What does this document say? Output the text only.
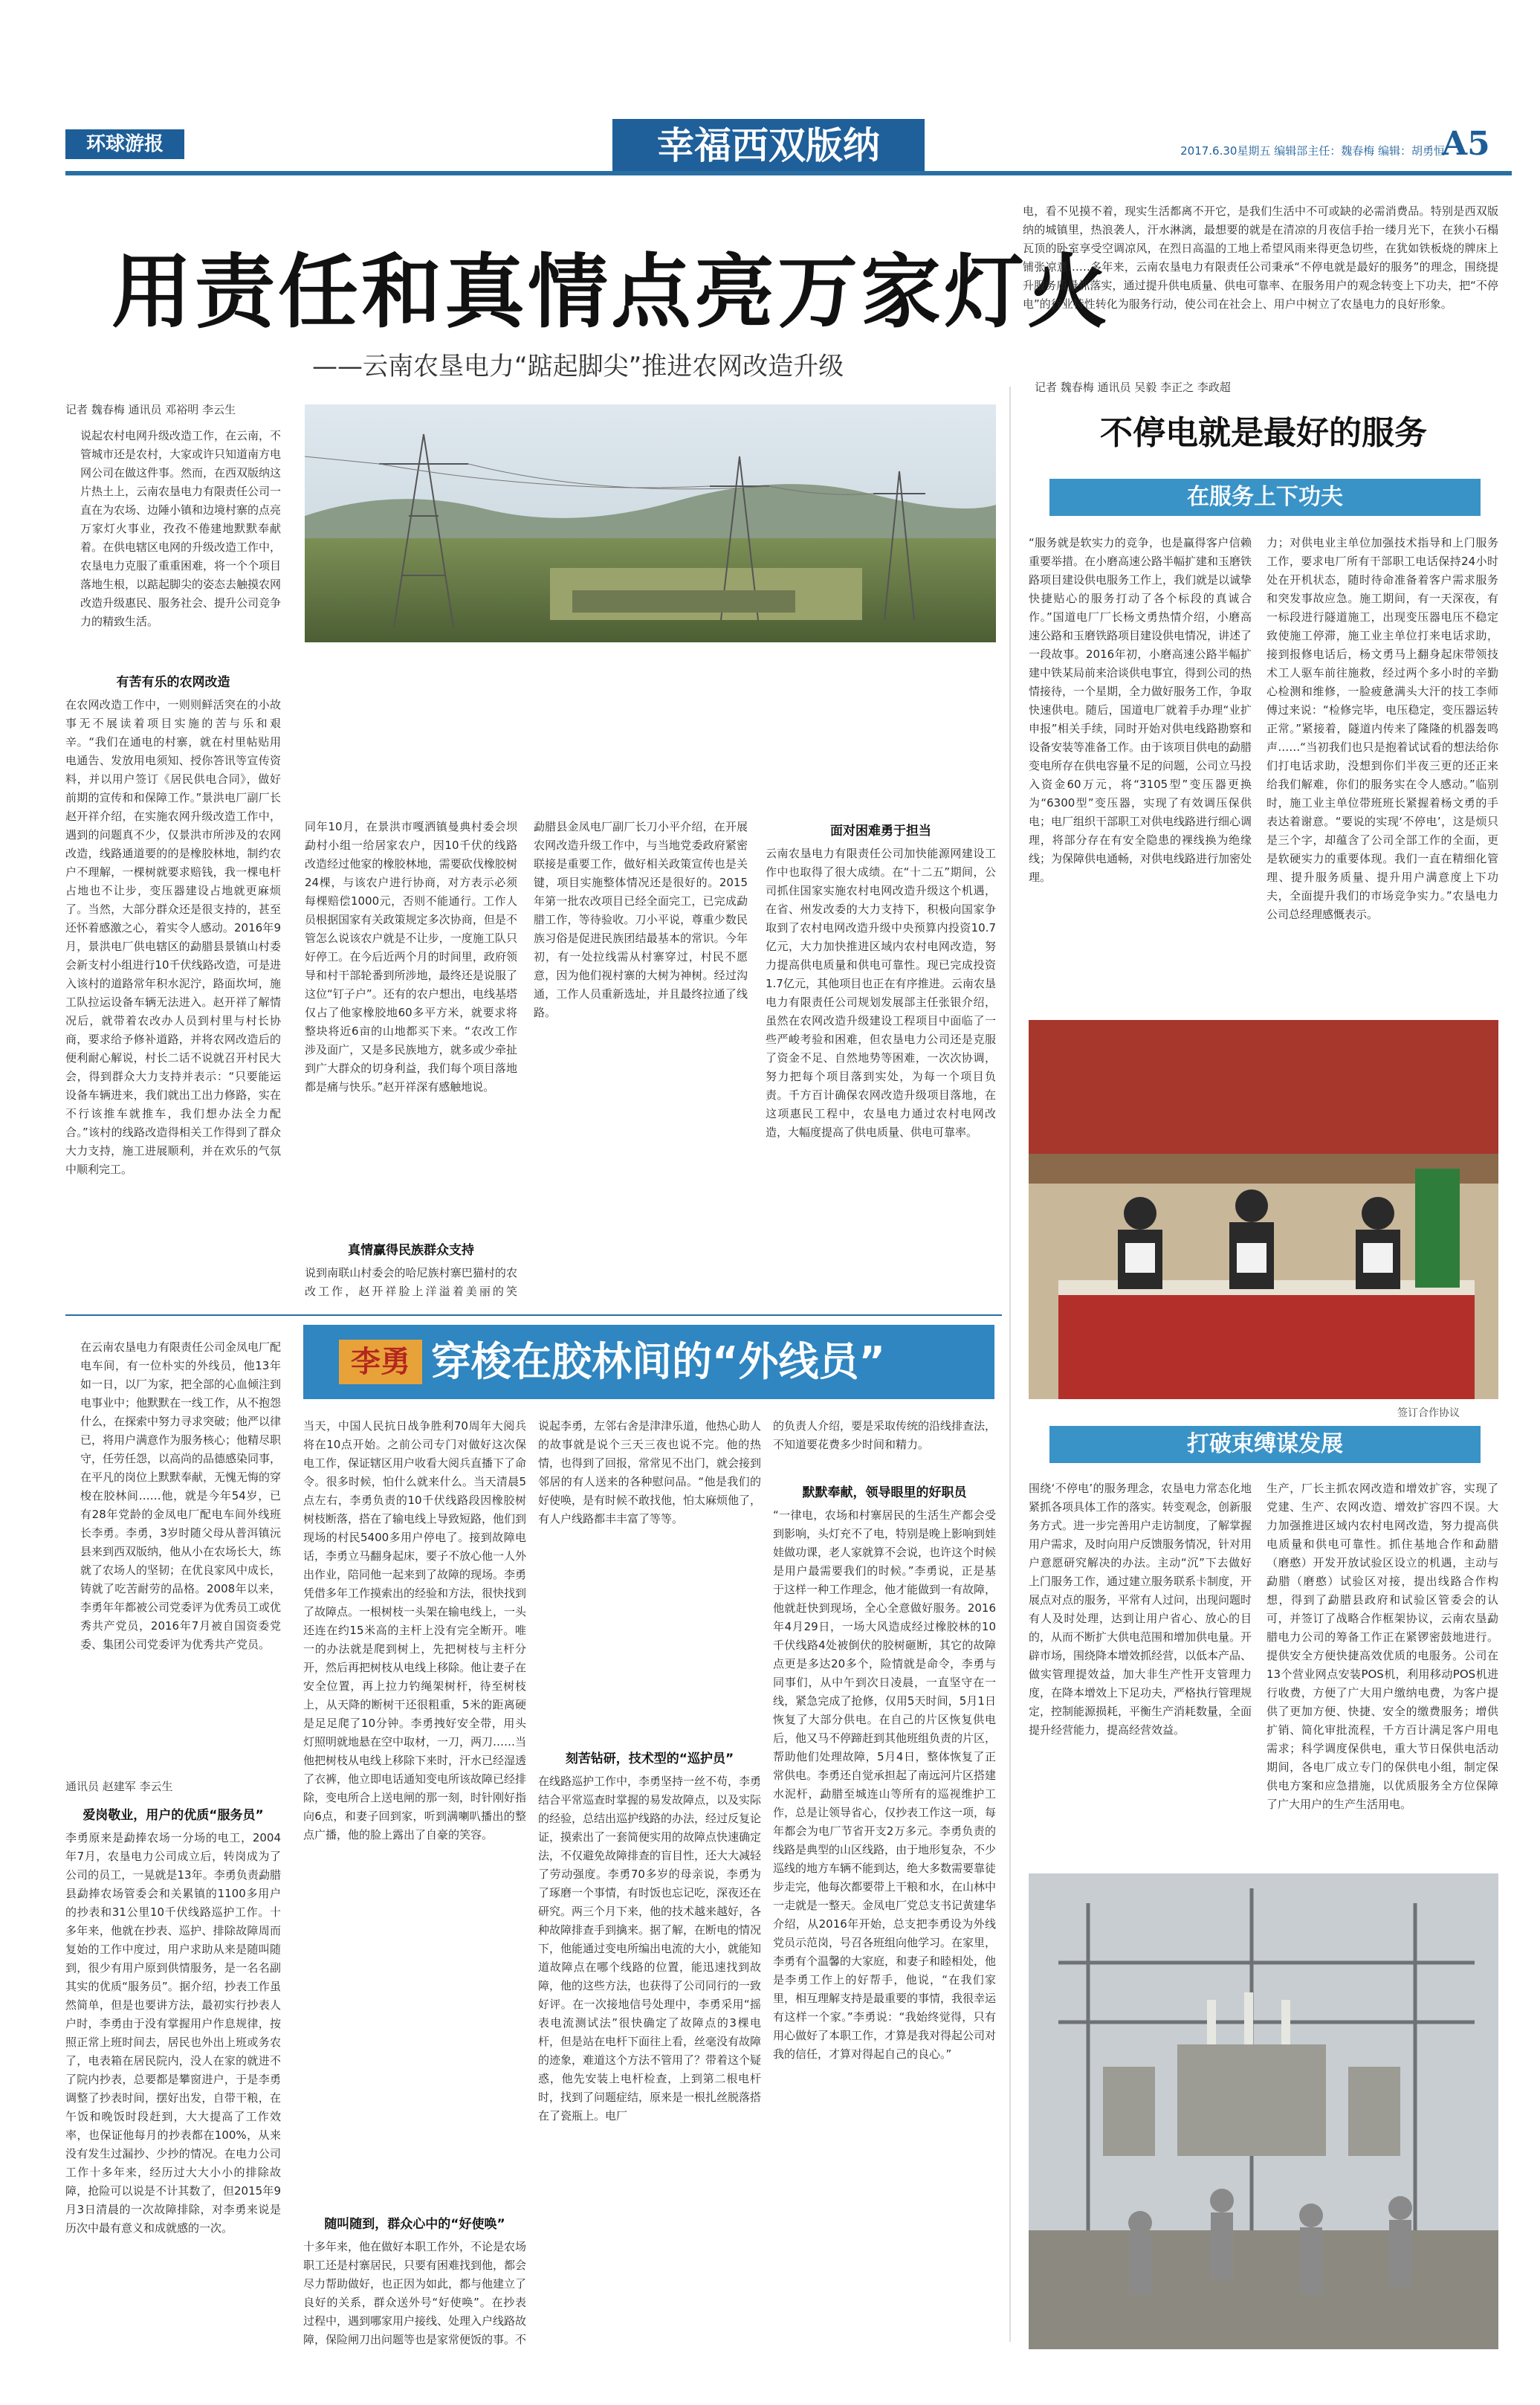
环球游报	幸福西双版纳	2017.6.30星期五 编辑部主任：魏春梅 编辑：胡勇恒
A5
用责任和真情点亮万家灯火
——云南农垦电力“踮起脚尖”推进农网改造升级
记者 魏春梅 通讯员 邓裕明 李云生
说起农村电网升级改造工作，在云南，不管城市还是农村，大家或许只知道南方电网公司在做这件事。然而，在西双版纳这片热土上，云南农垦电力有限责任公司一直在为农场、边陲小镇和边境村寨的点亮万家灯火事业，孜孜不倦建地默默奉献着。在供电辖区电网的升级改造工作中，农垦电力克服了重重困难，将一个个项目落地生根，以踮起脚尖的姿态去触摸农网改造升级惠民、服务社会、提升公司竞争力的精致生活。
有苦有乐的农网改造
在农网改造工作中，一则则鲜活突在的小故事无不展读着项目实施的苦与乐和艰辛。“我们在通电的村寨，就在村里帖贴用电通告、发放用电须知、授你答讯等宣传资料，并以用户签订《居民供电合同》，做好前期的宣传和和保障工作。”景洪电厂副厂长赵开祥介绍，在实施农网升级改造工作中，遇到的问题真不少，仅景洪市所涉及的农网改造，线路通道要的的是橡胶林地，制约农户不理解，一棵树就要求赔钱，我一棵电杆占地也不让步，变压器建设占地就更麻烦了。当然，大部分群众还是很支持的，甚至还怀着感激之心，着实令人感动。2016年9月，景洪电厂供电辖区的勐腊县景镇山村委会新支村小组进行10千伏线路改造，可是进入该村的道路常年积水泥泞，路面坎坷，施工队拉运设备车辆无法进入。赵开祥了解情况后，就带着农改办人员到村里与村长协商，要求给予修补道路，并将农网改造后的便利耐心解说，村长二话不说就召开村民大会，得到群众大力支持并表示：“只要能运设备车辆进来，我们就出工出力修路，实在不行该推车就推车，我们想办法全力配合。”该村的线路改造得相关工作得到了群众大力支持，施工进展顺利，并在欢乐的气氛中顺利完工。
同年10月，在景洪市嘎洒镇曼典村委会坝勐村小组一给居家农户，因10千伏的线路改造经过他家的橡胶林地，需要砍伐橡胶树24棵，与该农户进行协商，对方表示必须每棵赔偿1000元，否则不能通行。工作人员根据国家有关政策规定多次协商，但是不管怎么说该农户就是不让步，一度施工队只好停工。在今后近两个月的时间里，政府领导和村干部轮番到所涉地，最终还是说服了这位“钉子户”。还有的农户想出，电线基塔仅占了他家橡胶地60多平方米，就要求将整块将近6亩的山地都买下来。“农改工作涉及面广，又是多民族地方，就多或少牵扯到广大群众的切身利益，我们每个项目落地都是痛与快乐。”赵开祥深有感触地说。
真情赢得民族群众支持
说到南联山村委会的哈尼族村寨巴猫村的农改工作，赵开祥脸上洋溢着美丽的笑
勐腊县金凤电厂副厂长刀小平介绍，在开展农网改造升级工作中，与当地党委政府紧密联接是重要工作，做好相关政策宣传也是关键，项目实施整体情况还是很好的。2015年第一批农改项目已经全面完工，已完成勐腊工作，等待验收。刀小平说，尊重少数民族习俗是促进民族团结最基本的常识。今年初，有一处拉线需从村寨穿过，村民不愿意，因为他们视村寨的大树为神树。经过沟通，工作人员重新选址，并且最终拉通了线路。
面对困难勇于担当
云南农垦电力有限责任公司加快能源网建设工作中也取得了很大成绩。在“十二五”期间，公司抓住国家实施农村电网改造升级这个机遇，在省、州发改委的大力支持下，积极向国家争取到了农村电网改造升级中央预算内投资10.7亿元，大力加快推进区域内农村电网改造，努力提高供电质量和供电可靠性。现已完成投资1.7亿元，其他项目也正在有序推进。云南农垦电力有限责任公司规划发展部主任张银介绍，虽然在农网改造升级建设工程项目中面临了一些严峻考验和困难，但农垦电力公司还是克服了资金不足、自然地势等困难，一次次协调，努力把每个项目落到实处，为每一个项目负责。千方百计确保农网改造升级项目落地，在这项惠民工程中，农垦电力通过农村电网改造，大幅度提高了供电质量、供电可靠率。
电，看不见摸不着，现实生活都离不开它，是我们生活中不可或缺的必需消费品。特别是西双版纳的城镇里，热浪袭人，汗水淋漓，最想要的就是在清凉的月夜信手抬一缕月光下，在狭小石榻瓦顶的卧室享受空调凉风，在烈日高温的工地上希望风雨来得更急切些，在犹如铁板烧的牌床上铺张凉意……多年来，云南农垦电力有限责任公司秉承“不停电就是最好的服务”的理念，围绕提升服务质量抓落实，通过提升供电质量、供电可靠率、在服务用户的观念转变上下功夫，把“不停电”的行业特性转化为服务行动，使公司在社会上、用户中树立了农垦电力的良好形象。
记者 魏春梅 通讯员 吴毅 李正之 李政超
不停电就是最好的服务
在服务上下功夫
“服务就是软实力的竞争，也是赢得客户信赖重要举措。在小磨高速公路半幅扩建和玉磨铁路项目建设供电服务工作上，我们就是以诚挚快捷贴心的服务打动了各个标段的真诚合作。”国道电厂厂长杨文勇热情介绍，小磨高速公路和玉磨铁路项目建设供电情况，讲述了一段故事。2016年初，小磨高速公路半幅扩建中铁某局前来洽谈供电事宜，得到公司的热情接待，一个星期，全力做好服务工作，争取快速供电。随后，国道电厂就着手办理“业扩申报”相关手续，同时开始对供电线路勘察和设备安装等准备工作。由于该项目供电的勐腊变电所存在供电容量不足的问题，公司立马投入资金60万元，将“3105型”变压器更换为“6300型”变压器，实现了有效调压保供电；电厂组织干部职工对供电线路进行细心调理，将部分存在有安全隐患的裸线换为绝缘线；为保障供电通畅，对供电线路进行加密处理。
力；对供电业主单位加强技术指导和上门服务工作，要求电厂所有干部职工电话保持24小时处在开机状态，随时待命准备着客户需求服务和突发事故应急。施工期间，有一天深夜，有一标段进行隧道施工，出现变压器电压不稳定致使施工停滞，施工业主单位打来电话求助，接到报修电话后，杨文勇马上翻身起床带领技术工人驱车前往施救，经过两个多小时的辛勤心检测和维修，一脸疲惫满头大汗的技工李师傅过来说：“检修完毕，电压稳定，变压器运转正常。”紧接着，隧道内传来了隆隆的机器轰鸣声……“当初我们也只是抱着试试看的想法给你们打电话求助，没想到你们半夜三更的还正来给我们解难，你们的服务实在令人感动。”临别时，施工业主单位带班班长紧握着杨文勇的手表达着谢意。“要说的实现‘不停电’，这是烦只是三个字，却蕴含了公司全部工作的全面，更是软硬实力的重要体现。我们一直在精细化管理、提升服务质量、提升用户满意度上下功夫，全面提升我们的市场竞争实力。”农垦电力公司总经理感慨表示。
签订合作协议
打破束缚谋发展
围绕‘不停电’的服务理念，农垦电力常态化地紧抓各项具体工作的落实。转变观念，创新服务方式。进一步完善用户走访制度，了解掌握用户需求，及时向用户反馈服务情况，针对用户意愿研究解决的办法。主动“沉”下去做好上门服务工作，通过建立服务联系卡制度，开展点对点的服务，平常有人过问，出现问题时有人及时处理，达到让用户省心、放心的目的，从而不断扩大供电范围和增加供电量。开辟市场，围绕降本增效抓经营，以低本产品、做实管理提效益，加大非生产性开支管理力度，在降本增效上下足功夫，严格执行管理规定，控制能源损耗，平衡生产消耗数量，全面提升经营能力，提高经营效益。
生产，厂长主抓农网改造和增效扩容，实现了党建、生产、农网改造、增效扩容四不误。大力加强推进区域内农村电网改造，努力提高供电质量和供电可靠性。抓住基地合作和勐腊（磨憨）开发开放试验区设立的机遇，主动与勐腊（磨憨）试验区对接，提出线路合作构想，得到了勐腊县政府和试验区管委会的认可，并签订了战略合作框架协议，云南农垦勐腊电力公司的筹备工作正在紧锣密鼓地进行。提供安全方便快捷高效优质的电服务。公司在13个营业网点安装POS机，利用移动POS机进行收费，方便了广大用户缴纳电费，为客户提供了更加方便、快捷、安全的缴费服务；增供扩销、简化审批流程，千方百计满足客户用电需求；科学调度保供电，重大节日保供电活动期间，各电厂成立专门的保供电小组，制定保供电方案和应急措施，以优质服务全方位保障了广大用户的生产生活用电。
在云南农垦电力有限责任公司金凤电厂配电车间，有一位朴实的外线员，他13年如一日，以厂为家，把全部的心血倾注到电事业中；他默默在一线工作，从不抱怨什么，在探索中努力寻求突破；他严以律已，将用户满意作为服务核心；他精尽职守，任劳任怨，以高尚的品德感染同事，在平凡的岗位上默默奉献，无愧无悔的穿梭在胶林间……他，就是今年54岁，已有28年党龄的金凤电厂配电车间外线班长李勇。李勇，3岁时随父母从普洱镇沅县来到西双版纳，他从小在农场长大，练就了农场人的坚韧；在优良家风中成长，铸就了吃苦耐劳的品格。2008年以来，李勇年年都被公司党委评为优秀员工或优秀共产党员，2016年7月被自国资委党委、集团公司党委评为优秀共产党员。
李勇 穿梭在胶林间的“外线员”
通讯员 赵建军 李云生
爱岗敬业，用户的优质“服务员”
李勇原来是勐捧农场一分场的电工，2004年7月，农垦电力公司成立后，转岗成为了公司的员工，一晃就是13年。李勇负责勐腊县勐捧农场管委会和关累镇的1100多用户的抄表和31公里10千伏线路巡护工作。十多年来，他就在抄表、巡护、排除故障周而复始的工作中度过，用户求助从来是随叫随到，很少有用户原到供情服务，是一名名副其实的优质“服务员”。据介绍，抄表工作虽然简单，但是也要讲方法，最初实行抄表人户时，李勇由于没有掌握用户作息规律，按照正常上班时间去，居民也外出上班或务农了，电表箱在居民院内，没人在家的就进不了院内抄表，总要都是攀窗进户，于是李勇调整了抄表时间，摆好出发，自带干粮，在午饭和晚饭时段赶到，大大提高了工作效率，也保证他每月的抄表都在100%，从来没有发生过漏抄、少抄的情况。在电力公司工作十多年来，经历过大大小小的排除故障，抢险可以说是不计其数了，但2015年9月3日清晨的一次故障排除，对李勇来说是历次中最有意义和成就感的一次。
当天，中国人民抗日战争胜利70周年大阅兵将在10点开始。之前公司专门对做好这次保电工作，保证辖区用户收看大阅兵直播下了命令。很多时候，怕什么就来什么。当天清晨5点左右，李勇负责的10千伏线路段因橡胶树树枝断落，搭在了输电线上导致短路，他们到现场的村民5400多用户停电了。接到故障电话，李勇立马翻身起床，要子不放心他一人外出作业，陪同他一起来到了故障的现场。李勇凭借多年工作摸索出的经验和方法，很快找到了故障点。一根树枝一头架在输电线上，一头还连在约15米高的主杆上没有完全断开。唯一的办法就是爬到树上，先把树枝与主杆分开，然后再把树枝从电线上移除。他让妻子在安全位置，再上拉力钓绳架树杆，待至树枝上，从天降的断树干还很粗重，5米的距离硬是足足爬了10分钟。李勇拽好安全带，用头灯照明就地悬在空中取材，一刀，两刀……当他把树枝从电线上移除下来时，汗水已经湿透了衣裤，他立即电话通知变电所该故障已经排除，变电所合上送电闸的那一刻，时针刚好指向6点，和妻子回到家，听到满喇叭播出的整点广播，他的脸上露出了自豪的笑容。
随叫随到，群众心中的“好使唤”
十多年来，他在做好本职工作外，不论是农场职工还是村寨居民，只要有困难找到他，都会尽力帮助做好，也正因为如此，都与他建立了良好的关系，群众送外号“好使唤”。在抄表过程中，遇到哪家用户接线、处理入户线路故障，保险闸刀出问题等也是家常便饭的事。不
说起李勇，左邻右舍是津津乐道，他热心助人的故事就是说个三天三夜也说不完。他的热情，也得到了回报，常常见不出门，就会接到邻居的有人送来的各种慰问品。“他是我们的好使唤，是有时候不敢找他，怕太麻烦他了，有人户线路都丰丰富了等等。
刻苦钻研，技术型的“巡护员”
在线路巡护工作中，李勇坚持一丝不苟，李勇结合平常巡查时掌握的易发故障点，以及实际的经验，总结出巡护线路的办法，经过反复论证，摸索出了一套简便实用的故障点快速确定法，不仅避免故障排查的盲目性，还大大减轻了劳动强度。李勇70多岁的母亲说，李勇为了琢磨一个事情，有时饭也忘记吃，深夜还在研究。两三个月下来，他的技术越来越好，各种故障排查手到擒来。据了解，在断电的情况下，他能通过变电所编出电流的大小，就能知道故障点在哪个线路的位置，能迅速找到故障，他的这些方法，也获得了公司同行的一致好评。在一次接地信号处理中，李勇采用“摇表电流测试法”很快确定了故障点的3棵电杆，但是站在电杆下面往上看，丝毫没有故障的迹象，难道这个方法不管用了？带着这个疑惑，他先安装上电杆检查，上到第二根电杆时，找到了问题症结，原来是一根扎丝脱落搭在了瓷瓶上。电厂
的负责人介绍，要是采取传统的沿线排查法，不知道要花费多少时间和精力。
默默奉献，领导眼里的好职员
“一律电，农场和村寨居民的生活生产都会受到影响，头灯充不了电，特别是晚上影响到娃娃做功课，老人家就算不会说，也许这个时候是用户最需要我们的时候。”李勇说，正是基于这样一种工作理念，他才能做到一有故障，他就赶快到现场，全心全意做好服务。2016年4月29日，一场大风造成经过橡胶林的10千伏线路4处被倒伏的胶树砸断，其它的故障点更是多达20多个，险情就是命令，李勇与同事们，从中午到次日凌晨，一直坚守在一线，紧急完成了抢修，仅用5天时间，5月1日恢复了大部分供电。在自己的片区恢复供电后，他又马不停蹄赶到其他班组负责的片区，帮助他们处理故障，5月4日，整体恢复了正常供电。李勇还自觉承担起了南远河片区搭建水泥杆，勐腊至城连山等所有的巡视维护工作，总是让领导省心，仅抄表工作这一项，每年都会为电厂节省开支2万多元。李勇负责的线路是典型的山区线路，由于地形复杂，不少巡线的地方车辆不能到达，绝大多数需要靠徒步走完，他每次都要带上干粮和水，在山林中一走就是一整天。金凤电厂党总支书记黄建华介绍，从2016年开始，总支把李勇设为外线党员示范岗，号召各班组向他学习。在家里，李勇有个温馨的大家庭，和妻子和睦相处，他是李勇工作上的好帮手，他说，“在我们家里，相互理解支持是最重要的事情，我很幸运有这样一个家。”李勇说：“我始终觉得，只有用心做好了本职工作，才算是我对得起公司对我的信任，才算对得起自己的良心。”
